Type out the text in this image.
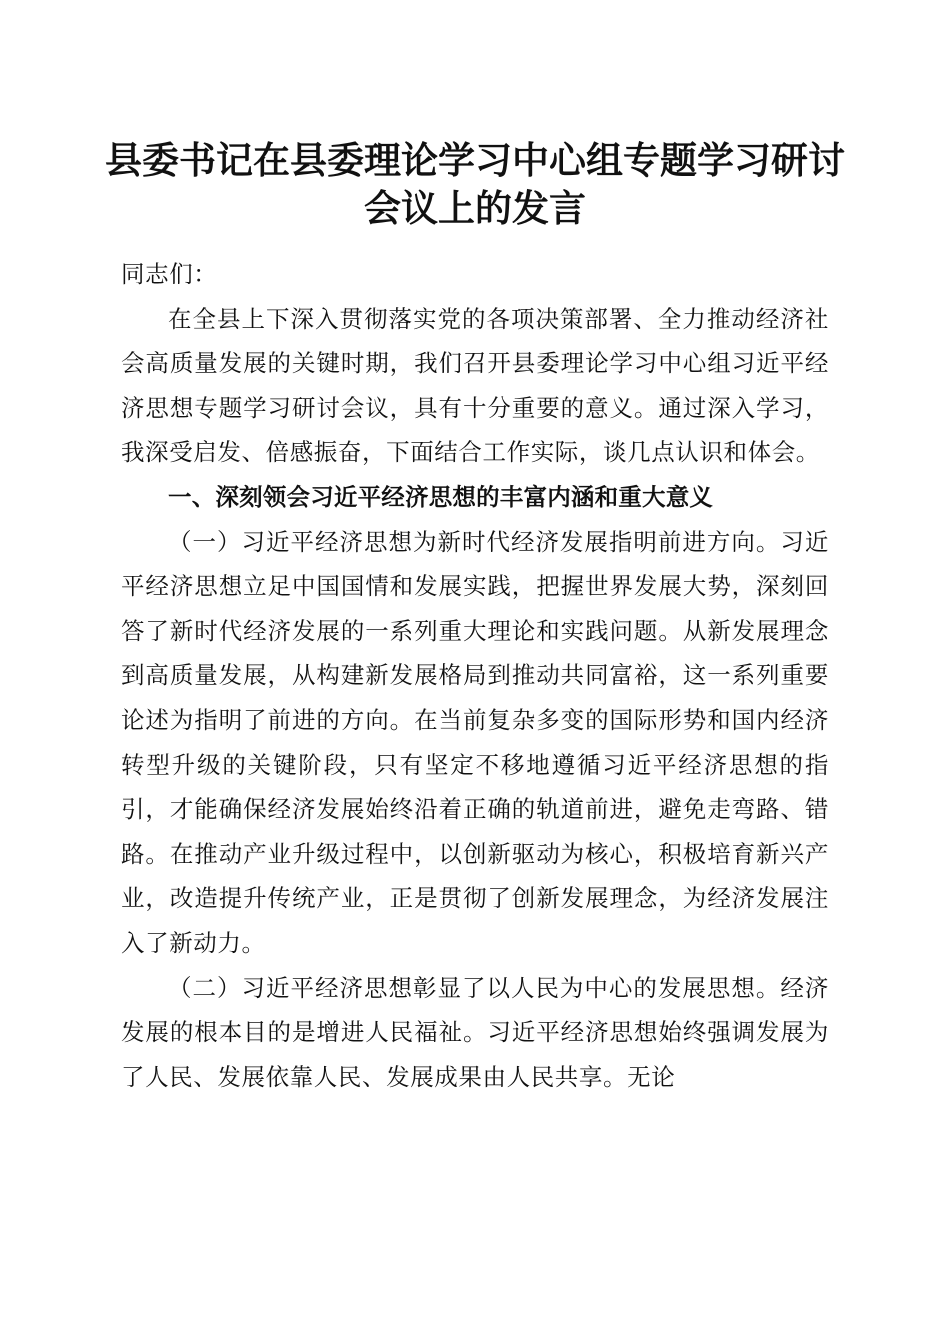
县委书记在县委理论学习中心组专题学习研讨
会议上的发言

同志们：

在全县上下深入贯彻落实党的各项决策部署、全力推动经济社会高质量发展的关键时期，我们召开县委理论学习中心组习近平经济思想专题学习研讨会议，具有十分重要的意义。通过深入学习，我深受启发、倍感振奋，下面结合工作实际，谈几点认识和体会。

一、深刻领会习近平经济思想的丰富内涵和重大意义

（一）习近平经济思想为新时代经济发展指明前进方向。习近平经济思想立足中国国情和发展实践，把握世界发展大势，深刻回答了新时代经济发展的一系列重大理论和实践问题。从新发展理念到高质量发展，从构建新发展格局到推动共同富裕，这一系列重要论述为指明了前进的方向。在当前复杂多变的国际形势和国内经济转型升级的关键阶段，只有坚定不移地遵循习近平经济思想的指引，才能确保经济发展始终沿着正确的轨道前进，避免走弯路、错路。在推动产业升级过程中，以创新驱动为核心，积极培育新兴产业，改造提升传统产业，正是贯彻了创新发展理念，为经济发展注入了新动力。

（二）习近平经济思想彰显了以人民为中心的发展思想。经济发展的根本目的是增进人民福祉。习近平经济思想始终强调发展为了人民、发展依靠人民、发展成果由人民共享。无论
